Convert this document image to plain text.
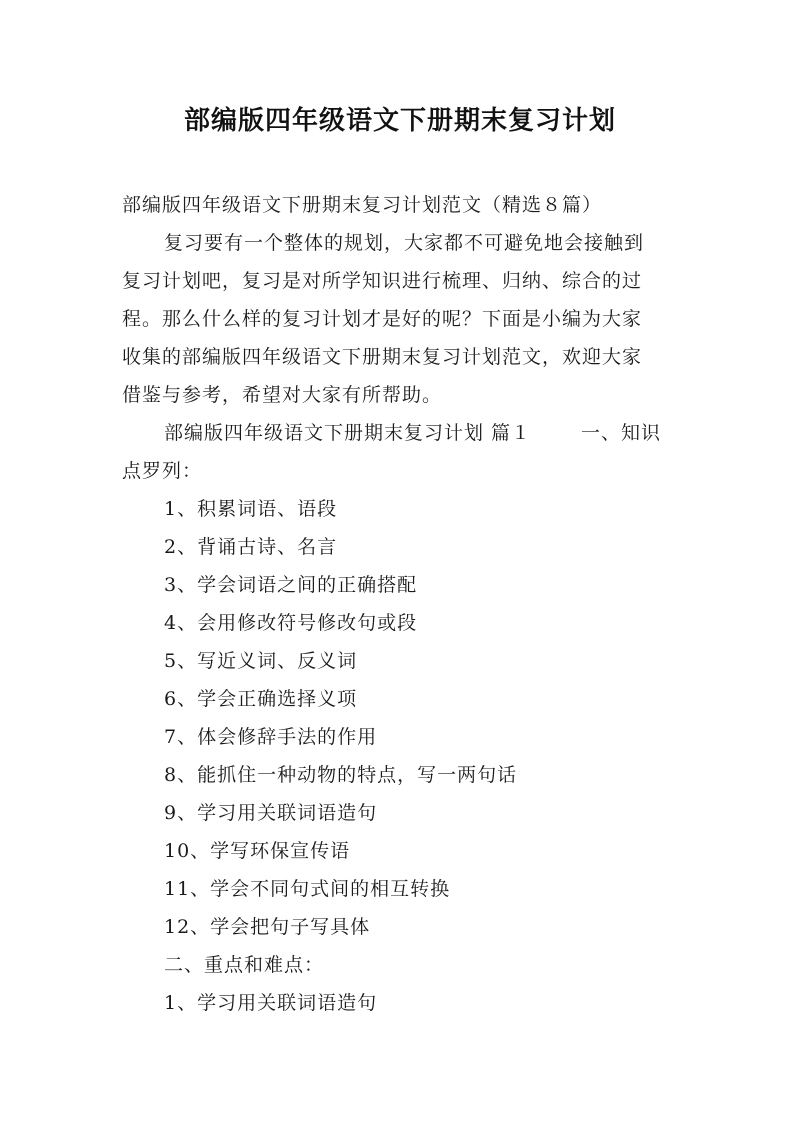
部编版四年级语文下册期末复习计划
部编版四年级语文下册期末复习计划范文（精选８篇）
复习要有一个整体的规划，大家都不可避免地会接触到
复习计划吧，复习是对所学知识进行梳理、归纳、综合的过
程。那么什么样的复习计划才是好的呢？下面是小编为大家
收集的部编版四年级语文下册期末复习计划范文，欢迎大家
借鉴与参考，希望对大家有所帮助。
部编版四年级语文下册期末复习计划 篇１	一、知识
点罗列：
1、积累词语、语段
2、背诵古诗、名言
3、学会词语之间的正确搭配
4、会用修改符号修改句或段
5、写近义词、反义词
6、学会正确选择义项
7、体会修辞手法的作用
8、能抓住一种动物的特点，写一两句话
9、学习用关联词语造句
10、学写环保宣传语
11、学会不同句式间的相互转换
12、学会把句子写具体
二、重点和难点：
1、学习用关联词语造句
